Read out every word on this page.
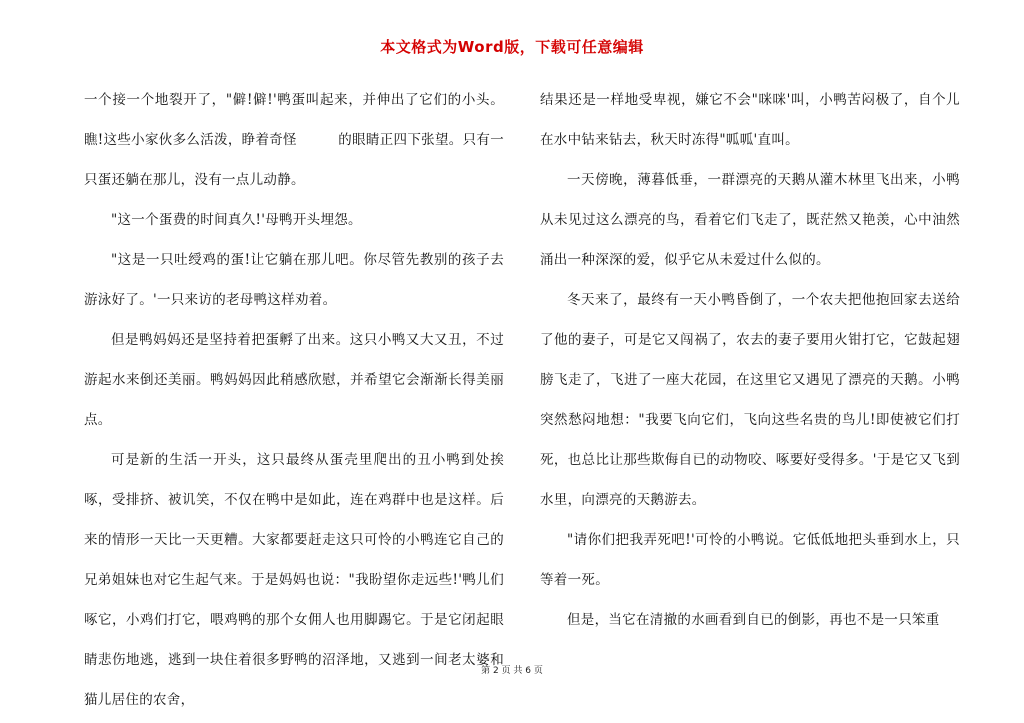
本文格式为Word版，下载可任意编辑

一个接一个地裂开了，"僻!僻!'鸭蛋叫起来，并伸出了它们的小头。瞧!这些小家伙多么活泼，睁着奇怪　　　的眼睛正四下张望。只有一只蛋还躺在那儿，没有一点儿动静。

"这一个蛋费的时间真久!'母鸭开头埋怨。

"这是一只吐绶鸡的蛋!让它躺在那儿吧。你尽管先教别的孩子去游泳好了。'一只来访的老母鸭这样劝着。

但是鸭妈妈还是坚持着把蛋孵了出来。这只小鸭又大又丑，不过游起水来倒还美丽。鸭妈妈因此稍感欣慰，并希望它会渐渐长得美丽点。

可是新的生活一开头，这只最终从蛋壳里爬出的丑小鸭到处挨啄，受排挤、被讥笑，不仅在鸭中是如此，连在鸡群中也是这样。后来的情形一天比一天更糟。大家都要赶走这只可怜的小鸭连它自己的兄弟姐妹也对它生起气来。于是妈妈也说："我盼望你走远些!'鸭儿们啄它，小鸡们打它，喂鸡鸭的那个女佣人也用脚踢它。于是它闭起眼睛悲伤地逃，逃到一块住着很多野鸭的沼泽地，又逃到一间老太婆和猫儿居住的农舍，

结果还是一样地受卑视，嫌它不会"咪咪'叫，小鸭苦闷极了，自个儿在水中钻来钻去，秋天时冻得"呱呱'直叫。

一天傍晚，薄暮低垂，一群漂亮的天鹅从灌木林里飞出来，小鸭从未见过这么漂亮的鸟，看着它们飞走了，既茫然又艳羡，心中油然涌出一种深深的爱，似乎它从未爱过什么似的。

冬天来了，最终有一天小鸭昏倒了，一个农夫把他抱回家去送给了他的妻子，可是它又闯祸了，农去的妻子要用火钳打它，它鼓起翅膀飞走了，飞进了一座大花园，在这里它又遇见了漂亮的天鹅。小鸭突然愁闷地想："我要飞向它们，飞向这些名贵的鸟儿!即使被它们打死，也总比让那些欺侮自已的动物咬、啄要好受得多。'于是它又飞到水里，向漂亮的天鹅游去。

"请你们把我弄死吧!'可怜的小鸭说。它低低地把头垂到水上，只等着一死。

但是，当它在清撤的水画看到自已的倒影，再也不是一只笨重

第 2 页 共 6 页
